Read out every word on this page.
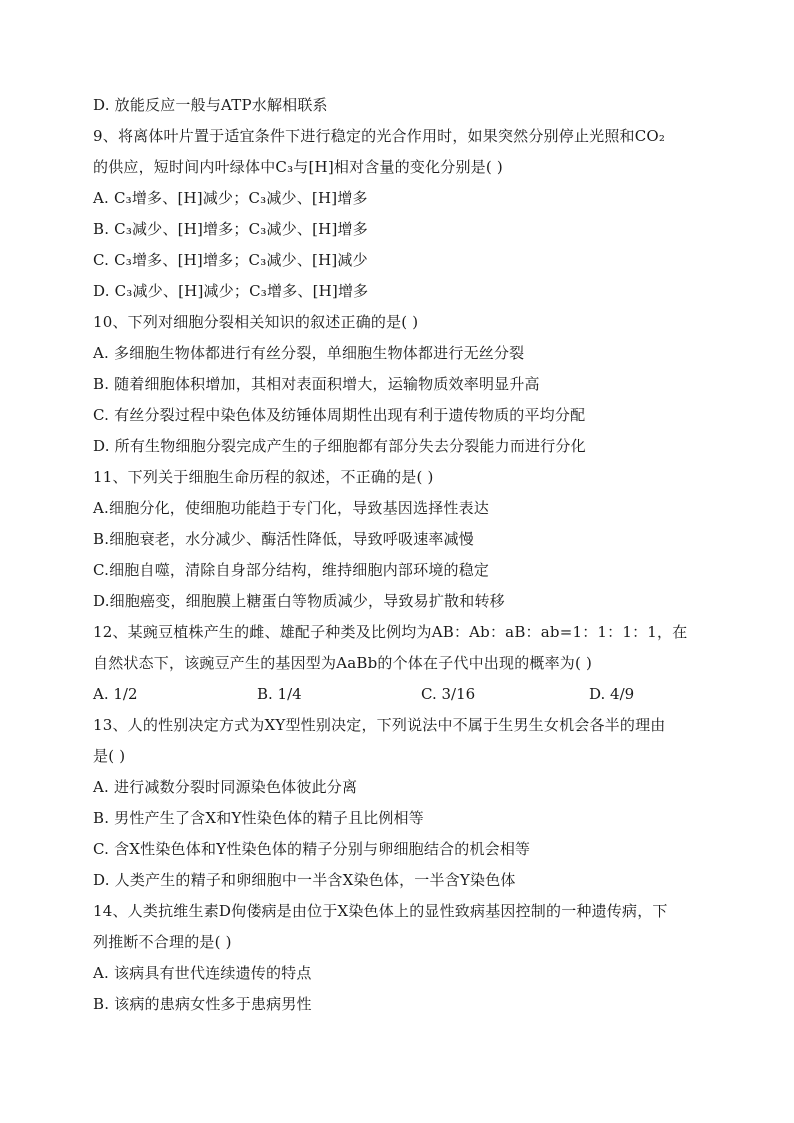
D. 放能反应一般与ATP水解相联系
9、将离体叶片置于适宜条件下进行稳定的光合作用时，如果突然分别停止光照和CO₂
的供应，短时间内叶绿体中C₃与[H]相对含量的变化分别是( )
A. C₃增多、[H]减少；C₃减少、[H]增多
B. C₃减少、[H]增多；C₃减少、[H]增多
C. C₃增多、[H]增多；C₃减少、[H]减少
D. C₃减少、[H]减少；C₃增多、[H]增多
10、下列对细胞分裂相关知识的叙述正确的是( )
A. 多细胞生物体都进行有丝分裂，单细胞生物体都进行无丝分裂
B. 随着细胞体积增加，其相对表面积增大，运输物质效率明显升高
C. 有丝分裂过程中染色体及纺锤体周期性出现有利于遗传物质的平均分配
D. 所有生物细胞分裂完成产生的子细胞都有部分失去分裂能力而进行分化
11、下列关于细胞生命历程的叙述，不正确的是( )
A.细胞分化，使细胞功能趋于专门化，导致基因选择性表达
B.细胞衰老，水分减少、酶活性降低，导致呼吸速率减慢
C.细胞自噬，清除自身部分结构，维持细胞内部环境的稳定
D.细胞癌变，细胞膜上糖蛋白等物质减少，导致易扩散和转移
12、某豌豆植株产生的雌、雄配子种类及比例均为AB：Ab：aB：ab=1：1：1：1，在
自然状态下，该豌豆产生的基因型为AaBb的个体在子代中出现的概率为( )
A. 1/2	B. 1/4	C. 3/16	D. 4/9
13、人的性别决定方式为XY型性别决定，下列说法中不属于生男生女机会各半的理由
是( )
A. 进行减数分裂时同源染色体彼此分离
B. 男性产生了含X和Y性染色体的精子且比例相等
C. 含X性染色体和Y性染色体的精子分别与卵细胞结合的机会相等
D. 人类产生的精子和卵细胞中一半含X染色体，一半含Y染色体
14、人类抗维生素D佝偻病是由位于X染色体上的显性致病基因控制的一种遗传病，下
列推断不合理的是( )
A. 该病具有世代连续遗传的特点
B. 该病的患病女性多于患病男性
